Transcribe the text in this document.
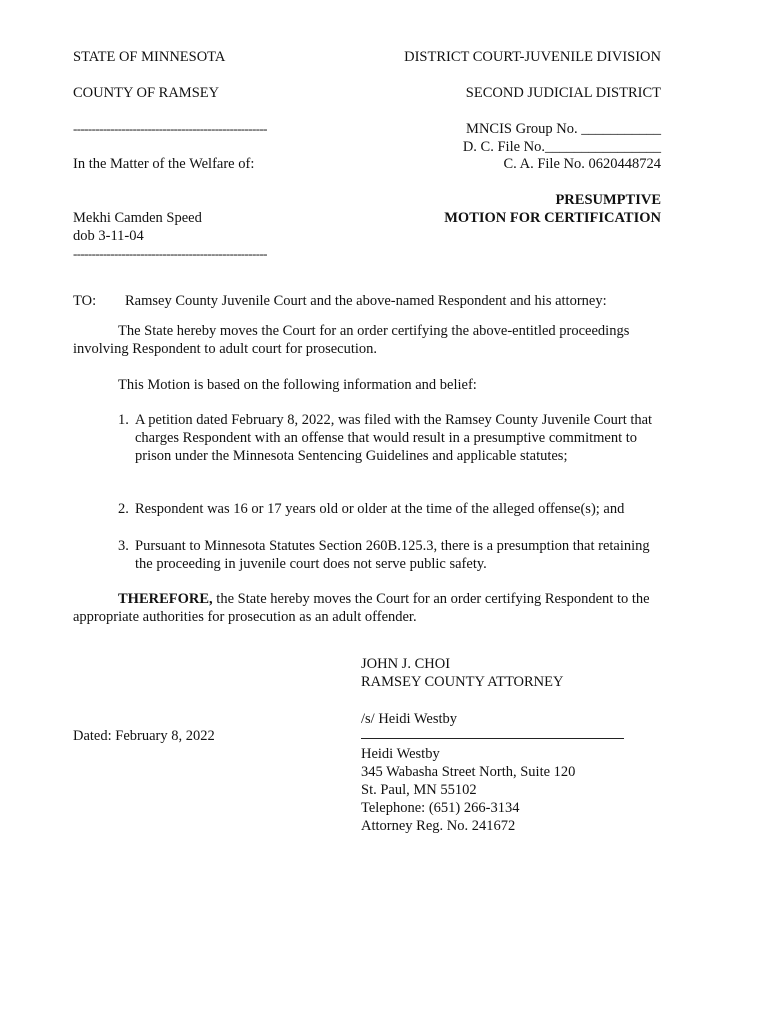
STATE OF MINNESOTA	DISTRICT COURT-JUVENILE DIVISION
COUNTY OF RAMSEY	SECOND JUDICIAL DISTRICT
----------------------------------------------------
In the Matter of the Welfare of:
Mekhi Camden Speed
dob 3-11-04
----------------------------------------------------
MNCIS Group No. ___________
D. C. File No.________________
C. A. File No. 0620448724
PRESUMPTIVE
MOTION FOR CERTIFICATION
TO: Ramsey County Juvenile Court and the above-named Respondent and his attorney:
The State hereby moves the Court for an order certifying the above-entitled proceedings involving Respondent to adult court for prosecution.
This Motion is based on the following information and belief:
1. A petition dated February 8, 2022, was filed with the Ramsey County Juvenile Court that charges Respondent with an offense that would result in a presumptive commitment to prison under the Minnesota Sentencing Guidelines and applicable statutes;
2. Respondent was 16 or 17 years old or older at the time of the alleged offense(s); and
3. Pursuant to Minnesota Statutes Section 260B.125.3, there is a presumption that retaining the proceeding in juvenile court does not serve public safety.
THEREFORE, the State hereby moves the Court for an order certifying Respondent to the appropriate authorities for prosecution as an adult offender.
JOHN J. CHOI
RAMSEY COUNTY ATTORNEY
/s/ Heidi Westby
Dated: February 8, 2022
Heidi Westby
345 Wabasha Street North, Suite 120
St. Paul, MN 55102
Telephone: (651) 266-3134
Attorney Reg. No. 241672
